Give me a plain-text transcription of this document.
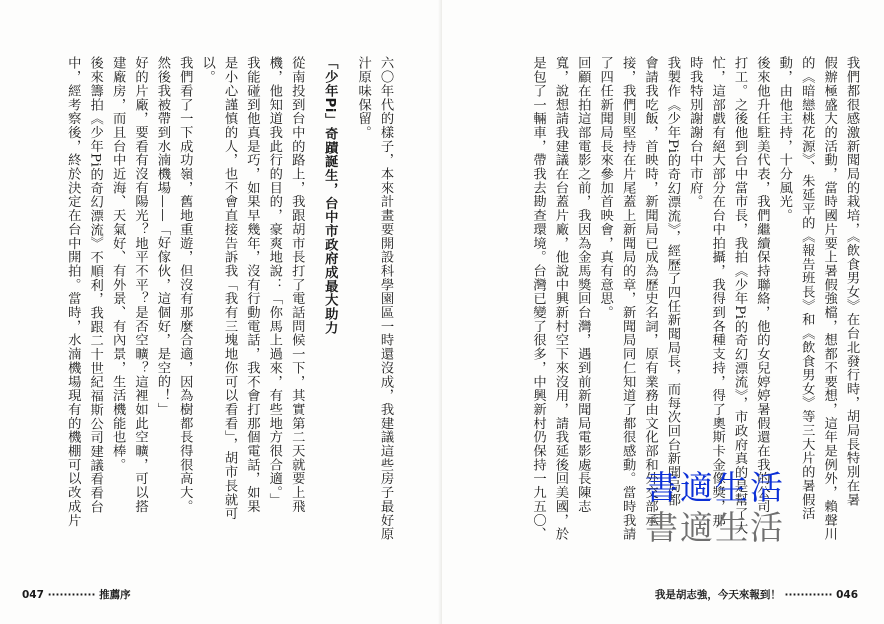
六〇年代的樣子，本來計畫要開設科學園區一時還沒成，我建議這些房子最好原
汁原味保留。
「少年Pi」奇蹟誕生，台中市政府成最大助力
從南投到台中的路上，我跟胡市長打了電話問候一下，其實第二天就要上飛
機，他知道我此行的目的，豪爽地說：「你馬上過來，有些地方很合適。」
我能碰到他真是巧，如果早幾年，沒有行動電話，我不會打那個電話，如果
是小心謹慎的人，也不會直接告訴我「我有三塊地你可以看看」，胡市長就可
以。
我們看了一下成功嶺，舊地重遊，但沒有那麼合適，因為樹都長得很高大。
然後我被帶到水湳機場——「好傢伙，這個好，是空的！」
好的片廠，要看有沒有陽光？地平不平？是否空曠？這裡如此空曠，可以搭
建廠房，而且台中近海、天氣好、有外景、有內景，生活機能也棒。
後來籌拍《少年Pi的奇幻漂流》不順利，我跟二十世紀福斯公司建議看看台
中，經考察後，終於決定在台中開拍。當時，水湳機場現有的機棚可以改成片
047 ············ 推薦序
我們都很感激新聞局的栽培，《飲食男女》在台北發行時，胡局長特別在暑
假辦極盛大的活動，當時國片要上暑假強檔，想都不要想，這年是例外，賴聲川
的《暗戀桃花源》、朱延平的《報告班長》和《飲食男女》等三大片的暑假活
動，由他主持，十分風光。
後來他升任駐美代表，我們繼續保持聯絡，他的女兒婷婷暑假還在我的公司
打工。之後他到台中當市長，我拍《少年Pi的奇幻漂流》，市政府真的是幫了大
忙，這部戲有絕大部分在台中拍攝，我得到各種支持，得了奧斯卡金像獎，那
時我特別謝謝台中市府。
我製作《少年Pi的奇幻漂流》，經歷了四任新聞局長，而每次回台新聞局都
會請我吃飯，首映時，新聞局已成為歷史名詞，原有業務由文化部和外交部承
接，我們則堅持在片尾蓋上新聞局的章，新聞局同仁知道了都很感動。當時我請
了四任新聞局長來參加首映會，真有意思。
回顧在拍這部電影之前，我因為金馬獎回台灣，遇到前新聞局電影處長陳志
寬，說想請我建議在台蓋片廠，他說中興新村空下來沒用，請我延後回美國，於
是包了一輛車，帶我去勘查環境。台灣已變了很多，中興新村仍保持一九五〇、
我是胡志強，今天來報到！ ············ 046
書適生活
書適生活
